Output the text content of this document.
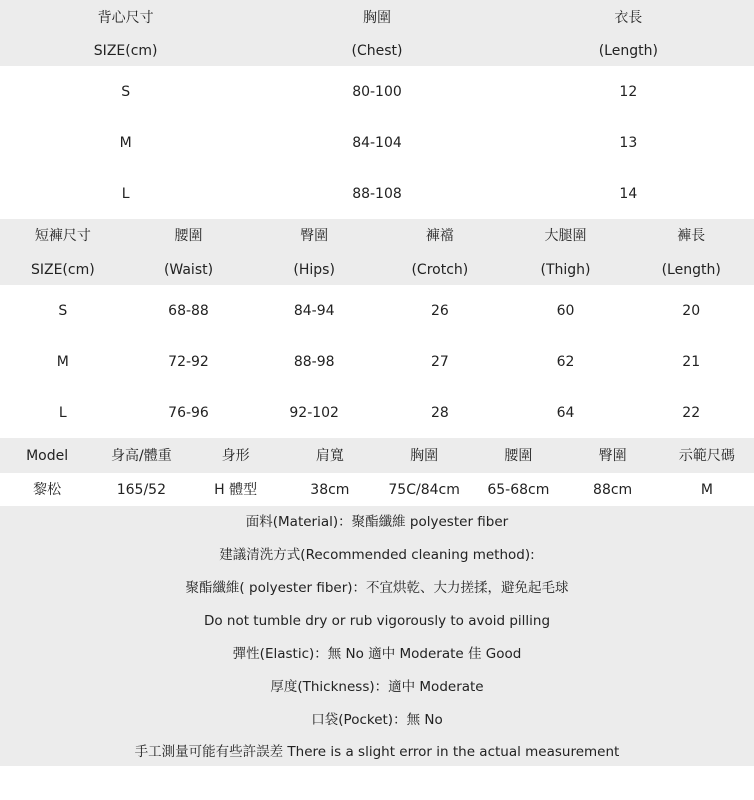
背心尺寸	胸圍	衣長
SIZE(cm)	(Chest)	(Length)
S	80-100	12
M	84-104	13
L	88-108	14
短褲尺寸	腰圍	臀圍	褲襠	大腿圍	褲長
SIZE(cm)	(Waist)	(Hips)	(Crotch)	(Thigh)	(Length)
S	68-88	84-94	26	60	20
M	72-92	88-98	27	62	21
L	76-96	92-102	28	64	22
Model	身高/體重	身形	肩寬	胸圍	腰圍	臀圍	示範尺碼
黎松	165/52	H 體型	38cm	75C/84cm	65-68cm	88cm	M
面料(Material)：聚酯纖維 polyester fiber
建議清洗方式(Recommended cleaning method):
聚酯纖維( polyester fiber)：不宜烘乾、大力搓揉，避免起毛球
Do not tumble dry or rub vigorously to avoid pilling
彈性(Elastic)：無 No 適中 Moderate 佳 Good
厚度(Thickness)：適中 Moderate
口袋(Pocket)：無 No
手工測量可能有些許誤差 There is a slight error in the actual measurement
